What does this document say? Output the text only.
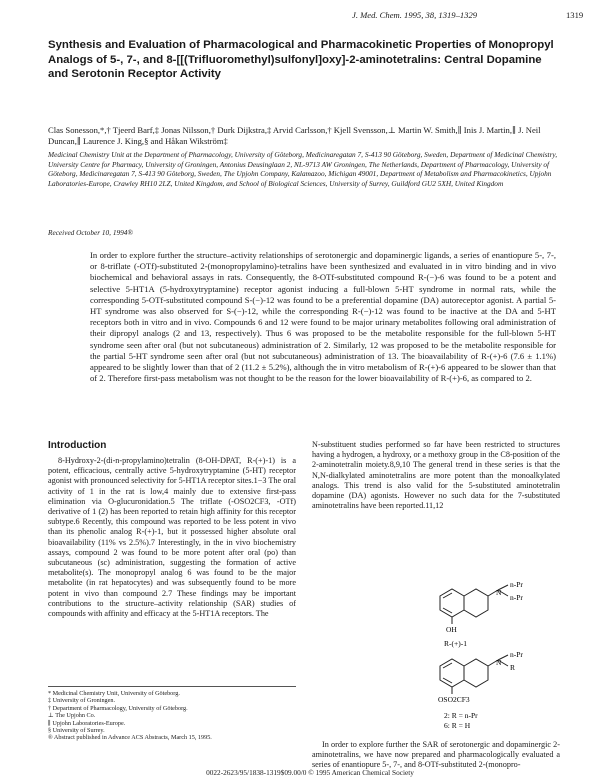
J. Med. Chem. 1995, 38, 1319–1329	1319
Synthesis and Evaluation of Pharmacological and Pharmacokinetic Properties of Monopropyl Analogs of 5-, 7-, and 8-[[(Trifluoromethyl)sulfonyl]oxy]-2-aminotetralins: Central Dopamine and Serotonin Receptor Activity
Clas Sonesson,*,† Tjeerd Barf,‡ Jonas Nilsson,† Durk Dijkstra,‡ Arvid Carlsson,† Kjell Svensson,⊥ Martin W. Smith,∥ Inis J. Martin,∥ J. Neil Duncan,∥ Laurence J. King,§ and Håkan Wikström‡
Medicinal Chemistry Unit at the Department of Pharmacology, University of Göteborg, Medicinaregatan 7, S-413 90 Göteborg, Sweden, Department of Medicinal Chemistry, University Centre for Pharmacy, University of Groningen, Antonius Deusinglaan 2, NL-9713 AW Groningen, The Netherlands, Department of Pharmacology, University of Göteborg, Medicinaregatan 7, S-413 90 Göteborg, Sweden, The Upjohn Company, Kalamazoo, Michigan 49001, Department of Metabolism and Pharmacokinetics, Upjohn Laboratories-Europe, Crawley RH10 2LZ, United Kingdom, and School of Biological Sciences, University of Surrey, Guildford GU2 5XH, United Kingdom
Received October 10, 1994®

In order to explore further the structure–activity relationships of serotonergic and dopaminergic ligands, a series of enantiopure 5-, 7-, or 8-triflate (-OTf)-substituted 2-(monopropylamino)-tetralins have been synthesized and evaluated in in vitro binding and in vivo biochemical and behavioral assays in rats. Consequently, the 8-OTf-substituted compound R-(−)-6 was found to be a potent and selective 5-HT1A (5-hydroxytryptamine) receptor agonist inducing a full-blown 5-HT syndrome in normal rats, while the corresponding 5-OTf-substituted compound S-(−)-12 was found to be a preferential dopamine (DA) autoreceptor agonist. A partial 5-HT syndrome was also observed for S-(−)-12, while the corresponding R-(−)-12 was found to be inactive at the DA and 5-HT receptors both in vitro and in vivo. Compounds 6 and 12 were found to be major urinary metabolites following oral administration of their dipropyl analogs (2 and 13, respectively). Thus 6 was proposed to be the metabolite responsible for the full-blown 5-HT syndrome seen after oral (but not subcutaneous) administration of 2. Similarly, 12 was proposed to be the metabolite responsible for the partial 5-HT syndrome seen after oral (but not subcutaneous) administration of 13. The bioavailability of R-(+)-6 (7.6 ± 1.1%) appeared to be slightly lower than that of 2 (11.2 ± 5.2%), although the in vitro metabolism of R-(+)-6 appeared to be slower than that of 2. Therefore first-pass metabolism was not thought to be the reason for the lower bioavailability of R-(+)-6, as compared to 2.

Introduction

8-Hydroxy-2-(di-n-propylamino)tetralin (8-OH-DPAT, R-(+)-1) is a potent, efficacious, centrally active 5-hydroxytryptamine (5-HT) receptor agonist with pronounced selectivity for 5-HT1A receptor sites.1−3 The oral activity of 1 in the rat is low,4 mainly due to extensive first-pass elimination via O-glucuronidation.5 The triflate (-OSO2CF3, -OTf) derivative of 1 (2) has been reported to retain high affinity for this receptor subtype.6 Recently, this compound was reported to be less potent in vivo than its phenolic analog R-(+)-1, but it possessed higher absolute oral bioavailability (11% vs 2.5%).7 Interestingly, in the in vivo biochemistry assays, compound 2 was found to be more potent after oral (po) than subcutaneous (sc) administration, suggesting the formation of active metabolite(s). The monopropyl analog 6 was found to be the major metabolite (in rat hepatocytes) and was subsequently found to be more potent in vivo than compound 2.7 These findings may be important contributions to the structure–activity relationship (SAR) studies of compounds with affinity and efficacy at the 5-HT1A receptors. The

N-substituent studies performed so far have been restricted to structures having a hydrogen, a hydroxy, or a methoxy group in the C8-position of the 2-aminotetralin moiety.8,9,10 The general trend in these series is that the N,N-dialkylated aminotetralins are more potent than the monoalkylated analogs. This trend is also valid for the 5-substituted aminotetralin dopamine (DA) agonists. However no such data for the 7-substituted aminotetralins have been reported.11,12

N
n-Pr
n-Pr
OH
R-(+)-1
N
n-Pr
R
OSO2CF3
2: R = n-Pr
6: R = H

* Medicinal Chemistry Unit, University of Göteborg.

‡ University of Groningen.

† Department of Pharmacology, University of Göteborg.

⊥ The Upjohn Co.

∥ Upjohn Laboratories-Europe.

§ University of Surrey.

® Abstract published in Advance ACS Abstracts, March 15, 1995.

In order to explore further the SAR of serotonergic and dopaminergic 2-aminotetralins, we have now prepared and pharmacologically evaluated a series of enantiopure 5-, 7-, and 8-OTf-substituted 2-(monopro-

0022-2623/95/1838-1319$09.00/0 © 1995 American Chemical Society
